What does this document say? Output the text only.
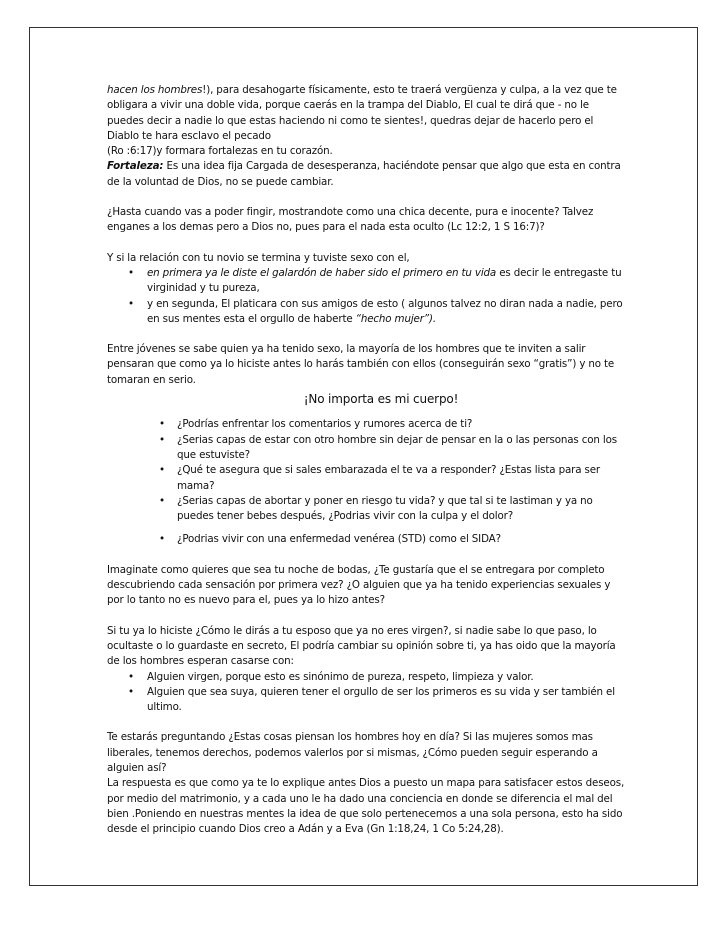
hacen los hombres!), para desahogarte físicamente, esto te traerá vergüenza y culpa, a la vez que te obligara a vivir una doble vida, porque caerás en la trampa del Diablo, El cual te dirá que - no le puedes decir a nadie lo que estas haciendo ni como te sientes!, quedras dejar de hacerlo pero el Diablo te hara esclavo el pecado

(Ro :6:17)y formara fortalezas en tu corazón.

Fortaleza: Es una idea fija Cargada de desesperanza, haciéndote pensar que algo que esta en contra de la voluntad de Dios, no se puede cambiar.

¿Hasta cuando vas a poder fingir, mostrandote como una chica decente, pura e inocente? Talvez enganes a los demas pero a Dios no, pues para el nada esta oculto (Lc 12:2, 1 S 16:7)?

Y si la relación con tu novio se termina y tuviste sexo con el,

• en primera ya le diste el galardón de haber sido el primero en tu vida es decir le entregaste tu virginidad y tu pureza,
• y en segunda, El platicara con sus amigos de esto ( algunos talvez no diran nada a nadie, pero en sus mentes esta el orgullo de haberte “hecho mujer”).

Entre jóvenes se sabe quien ya ha tenido sexo, la mayoría de los hombres que te inviten a salir pensaran que como ya lo hiciste antes lo harás también con ellos (conseguirán sexo “gratis”) y no te tomaran en serio.

¡No importa es mi cuerpo!

• ¿Podrías enfrentar los comentarios y rumores acerca de ti?
• ¿Serias capas de estar con otro hombre sin dejar de pensar en la o las personas con los que estuviste?
• ¿Qué te asegura que si sales embarazada el te va a responder? ¿Estas lista para ser mama?
• ¿Serias capas de abortar y poner en riesgo tu vida? y que tal si te lastiman y ya no puedes tener bebes después, ¿Podrias vivir con la culpa y el dolor?
• ¿Podrias vivir con una enfermedad venérea (STD) como el SIDA?

Imaginate como quieres que sea tu noche de bodas, ¿Te gustaría que el se entregara por completo descubriendo cada sensación por primera vez? ¿O alguien que ya ha tenido experiencias sexuales y por lo tanto no es nuevo para el, pues ya lo hizo antes?

Si tu ya lo hiciste ¿Cómo le dirás a tu esposo que ya no eres virgen?, si nadie sabe lo que paso, lo ocultaste o lo guardaste en secreto, El podría cambiar su opinión sobre ti, ya has oido que la mayoría de los hombres esperan casarse con:

• Alguien virgen, porque esto es sinónimo de pureza, respeto, limpieza y valor.
• Alguien que sea suya, quieren tener el orgullo de ser los primeros es su vida y ser también el ultimo.

Te estarás preguntando ¿Estas cosas piensan los hombres hoy en día? Si las mujeres somos mas liberales, tenemos derechos, podemos valerlos por si mismas, ¿Cómo pueden seguir esperando a alguien así?

La respuesta es que como ya te lo explique antes Dios a puesto un mapa para satisfacer estos deseos, por medio del matrimonio, y a cada uno le ha dado una conciencia en donde se diferencia el mal del bien .Poniendo en nuestras mentes la idea de que solo pertenecemos a una sola persona, esto ha sido desde el principio cuando Dios creo a Adán y a Eva (Gn 1:18,24, 1 Co 5:24,28).
